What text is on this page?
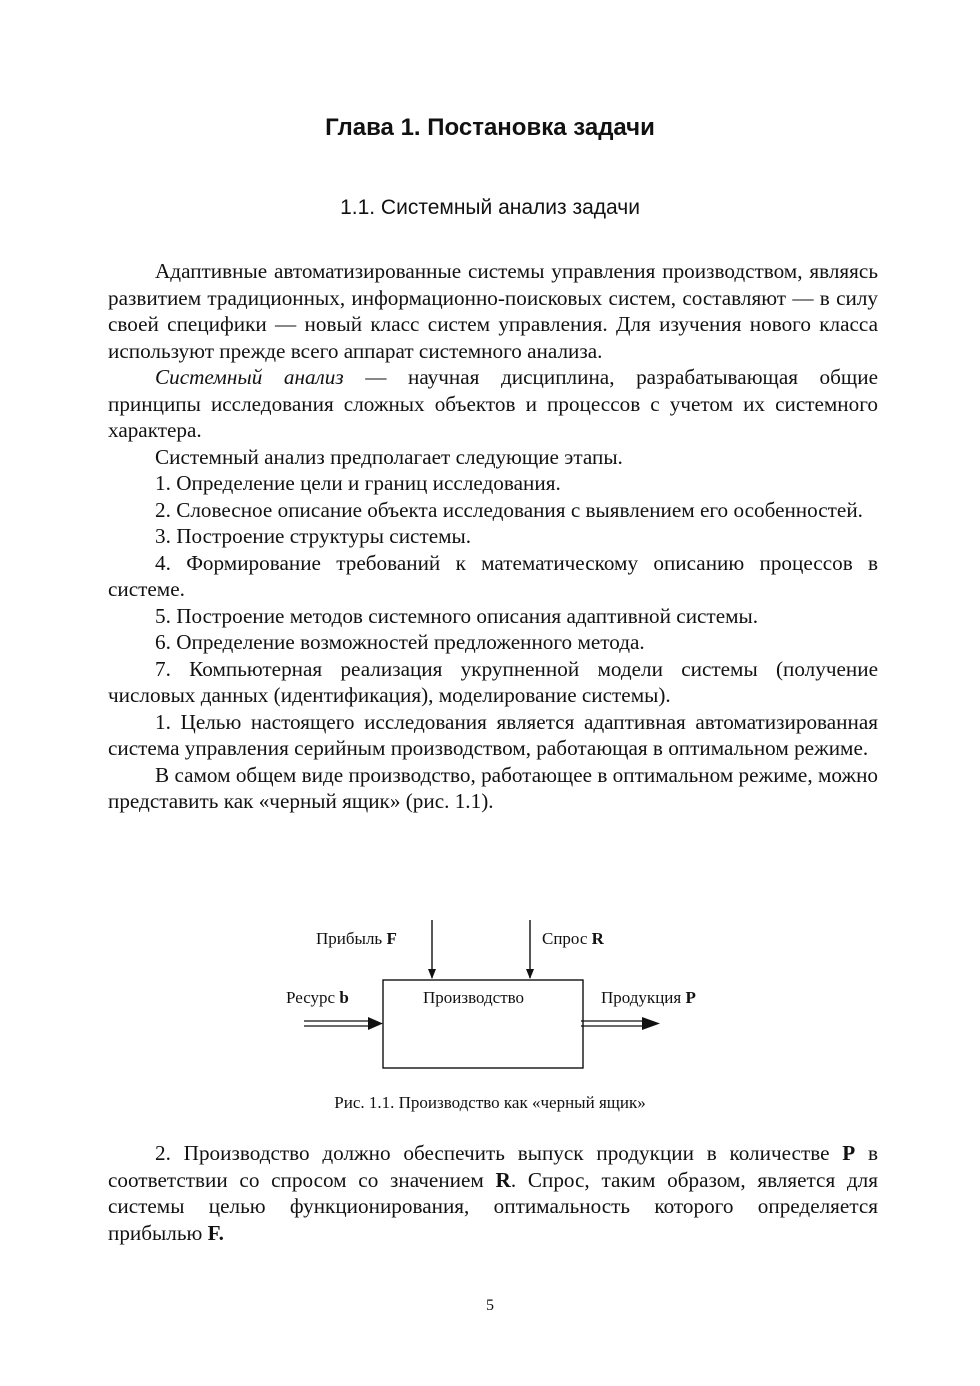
Глава 1. Постановка задачи
1.1. Системный анализ задачи

Адаптивные автоматизированные системы управления производством, являясь развитием традиционных, информационно-поисковых систем, составляют — в силу своей специфики — новый класс систем управления. Для изучения нового класса используют прежде всего аппарат системного анализа.

Системный анализ — научная дисциплина, разрабатывающая общие принципы исследования сложных объектов и процессов с учетом их системного характера.

Системный анализ предполагает следующие этапы.

1. Определение цели и границ исследования.

2. Словесное описание объекта исследования с выявлением его особенностей.

3. Построение структуры системы.

4. Формирование требований к математическому описанию процессов в системе.

5. Построение методов системного описания адаптивной системы.

6. Определение возможностей предложенного метода.

7. Компьютерная реализация укрупненной модели системы (получение числовых данных (идентификация), моделирование системы).

1. Целью настоящего исследования является адаптивная автоматизированная система управления серийным производством, работающая в оптимальном режиме.

В самом общем виде производство, работающее в оптимальном режиме, можно представить как «черный ящик» (рис. 1.1).

Прибыль F	Спрос R
Ресурс b	Производство	Продукция P
Рис. 1.1. Производство как «черный ящик»

2. Производство должно обеспечить выпуск продукции в количестве P в соответствии со спросом со значением R. Спрос, таким образом, является для системы целью функционирования, оптимальность которого определяется прибылью F.

5
